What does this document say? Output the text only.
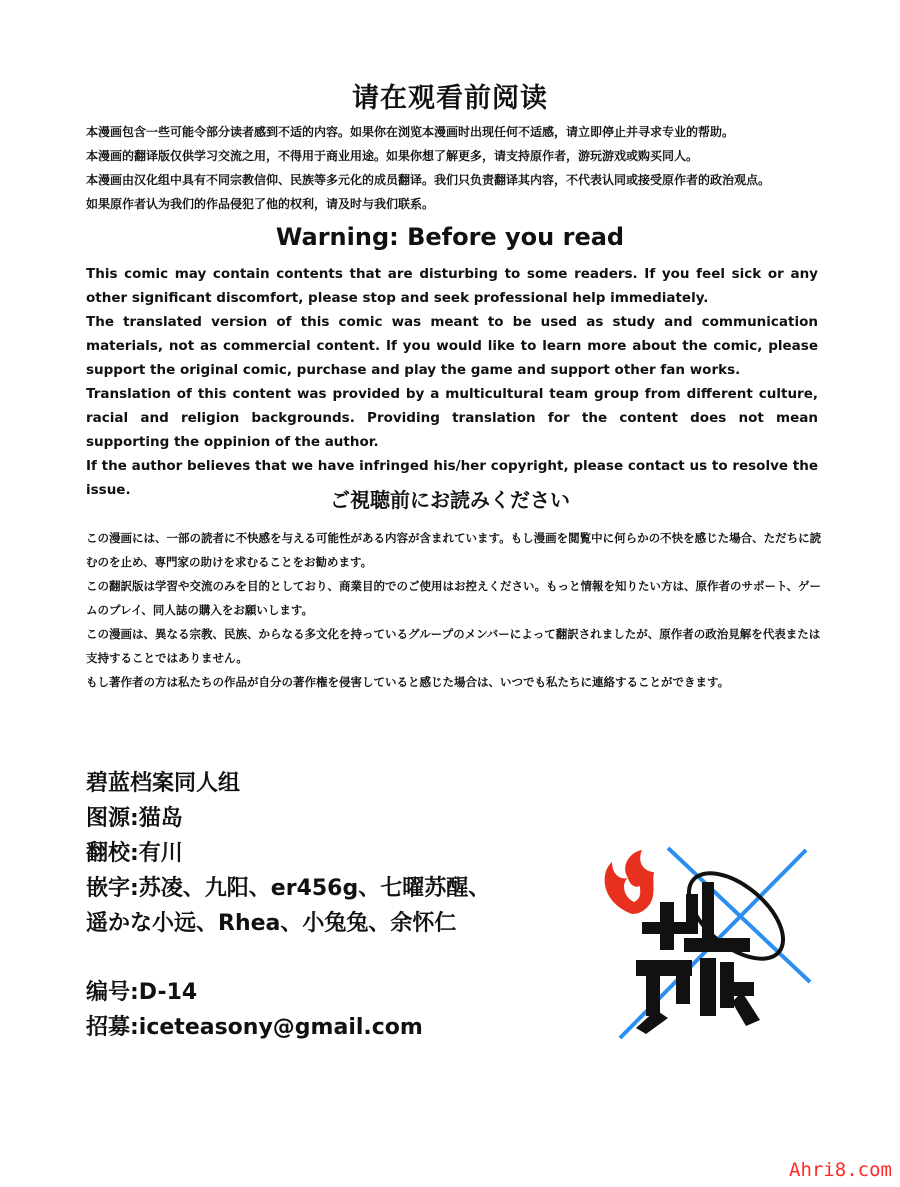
请在观看前阅读

本漫画包含一些可能令部分读者感到不适的内容。如果你在浏览本漫画时出现任何不适感，请立即停止并寻求专业的帮助。

本漫画的翻译版仅供学习交流之用，不得用于商业用途。如果你想了解更多，请支持原作者，游玩游戏或购买同人。

本漫画由汉化组中具有不同宗教信仰、民族等多元化的成员翻译。我们只负责翻译其内容，不代表认同或接受原作者的政治观点。

如果原作者认为我们的作品侵犯了他的权利，请及时与我们联系。

Warning: Before you read

This comic may contain contents that are disturbing to some readers. If you feel sick or any other significant discomfort, please stop and seek professional help immediately.

The translated version of this comic was meant to be used as study and communication materials, not as commercial content. If you would like to learn more about the comic, please support the original comic, purchase and play the game and support other fan works.

Translation of this content was provided by a multicultural team group from different culture, racial and religion backgrounds. Providing translation for the content does not mean supporting the oppinion of the author.

If the author believes that we have infringed his/her copyright, please contact us to resolve the issue.	ご視聴前にお読みください

この漫画には、一部の読者に不快感を与える可能性がある内容が含まれています。もし漫画を閲覧中に何らかの不快を感じた場合、ただちに読むのを止め、専門家の助けを求むることをお勧めます。

この翻訳版は学習や交流のみを目的としており、商業目的でのご使用はお控えください。もっと情報を知りたい方は、原作者のサポート、ゲームのプレイ、同人誌の購入をお願いします。

この漫画は、異なる宗教、民族、からなる多文化を持っているグループのメンバーによって翻訳されましたが、原作者の政治見解を代表または支持することではありません。

もし著作者の方は私たちの作品が自分の著作権を侵害していると感じた場合は、いつでも私たちに連絡することができます。

碧蓝档案同人组
图源:猫岛
翻校:有川
嵌字:苏凌、九阳、er456g、七曜苏醒、
遥かな小远、Rhea、小兔兔、余怀仁
编号:D-14
招募:iceteasony@gmail.com
Ahri8.com
